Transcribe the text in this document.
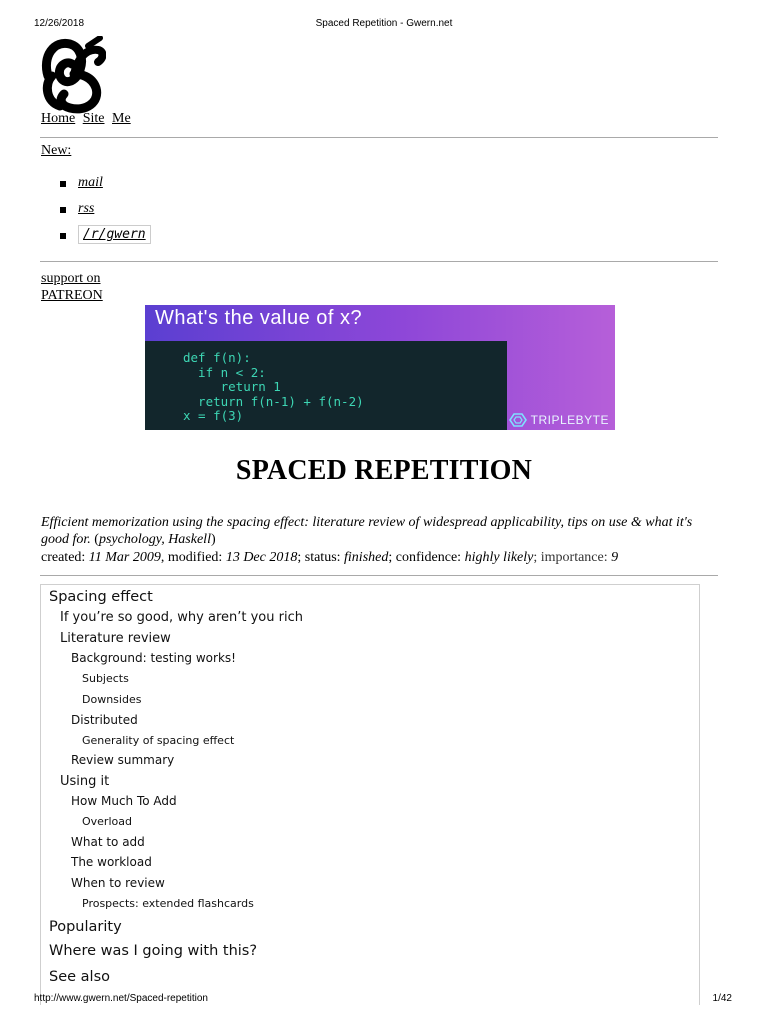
12/26/2018	Spaced Repetition - Gwern.net
Home Site Me
New:
mail
rss
/r/gwern
support on
PATREON
What's the value of x?
def f(n):
if n < 2:
return 1
return f(n-1) + f(n-2)
x = f(3)	TRIPLEBYTE
SPACED REPETITION
Efficient memorization using the spacing effect: literature review of widespread applicability, tips on use & what it's good for. (psychology, Haskell)
created: 11 Mar 2009, modified: 13 Dec 2018; status: finished; confidence: highly likely; importance: 9
Spacing effect
If you’re so good, why aren’t you rich
Literature review
Background: testing works!
Subjects
Downsides
Distributed
Generality of spacing effect
Review summary
Using it
How Much To Add
Overload
What to add
The workload
When to review
Prospects: extended flashcards
Popularity
Where was I going with this?
See also
http://www.gwern.net/Spaced-repetition	1/42
